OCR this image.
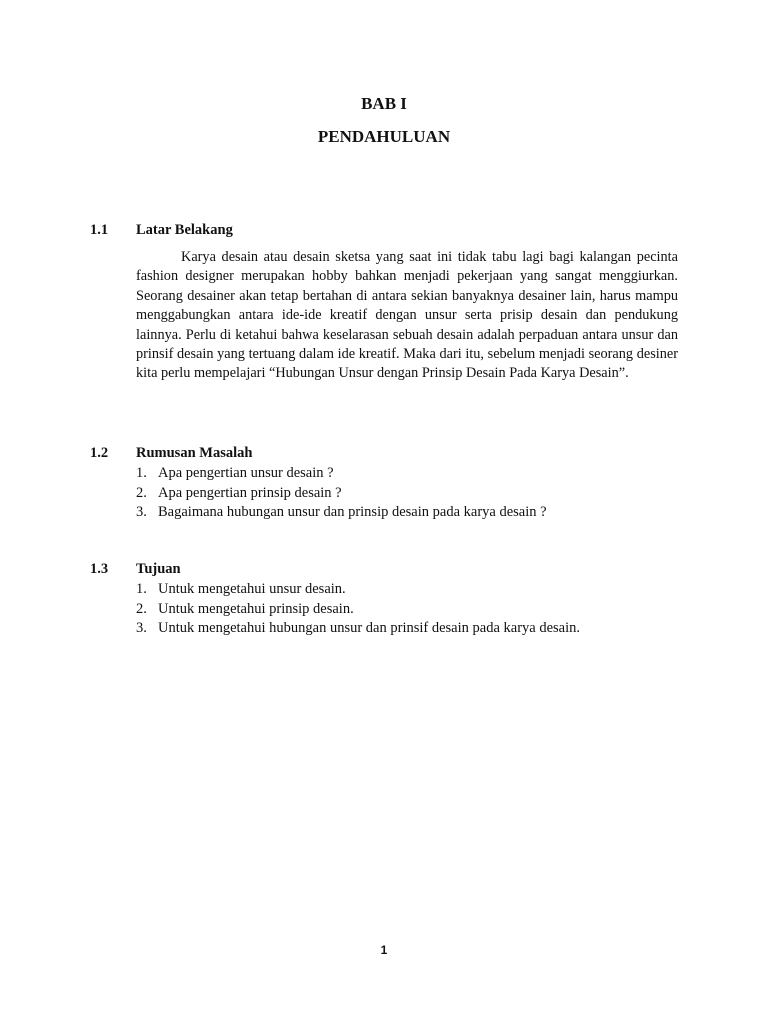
BAB I
PENDAHULUAN
1.1 Latar Belakang

Karya desain atau desain sketsa yang saat ini tidak tabu lagi bagi kalangan pecinta fashion designer merupakan hobby bahkan menjadi pekerjaan yang sangat menggiurkan. Seorang desainer akan tetap bertahan di antara sekian banyaknya desainer lain, harus mampu menggabungkan antara ide-ide kreatif dengan unsur serta prisip desain dan pendukung lainnya. Perlu di ketahui bahwa keselarasan sebuah desain adalah perpaduan antara unsur dan prinsif desain yang tertuang dalam ide kreatif. Maka dari itu, sebelum menjadi seorang desiner kita perlu mempelajari “Hubungan Unsur dengan Prinsip Desain Pada Karya Desain”.

1.2 Rumusan Masalah
1. Apa pengertian unsur desain ?
2. Apa pengertian prinsip desain ?
3. Bagaimana hubungan unsur dan prinsip desain pada karya desain ?
1.3 Tujuan
1. Untuk mengetahui unsur desain.
2. Untuk mengetahui prinsip desain.
3. Untuk mengetahui hubungan unsur dan prinsif desain pada karya desain.
1
